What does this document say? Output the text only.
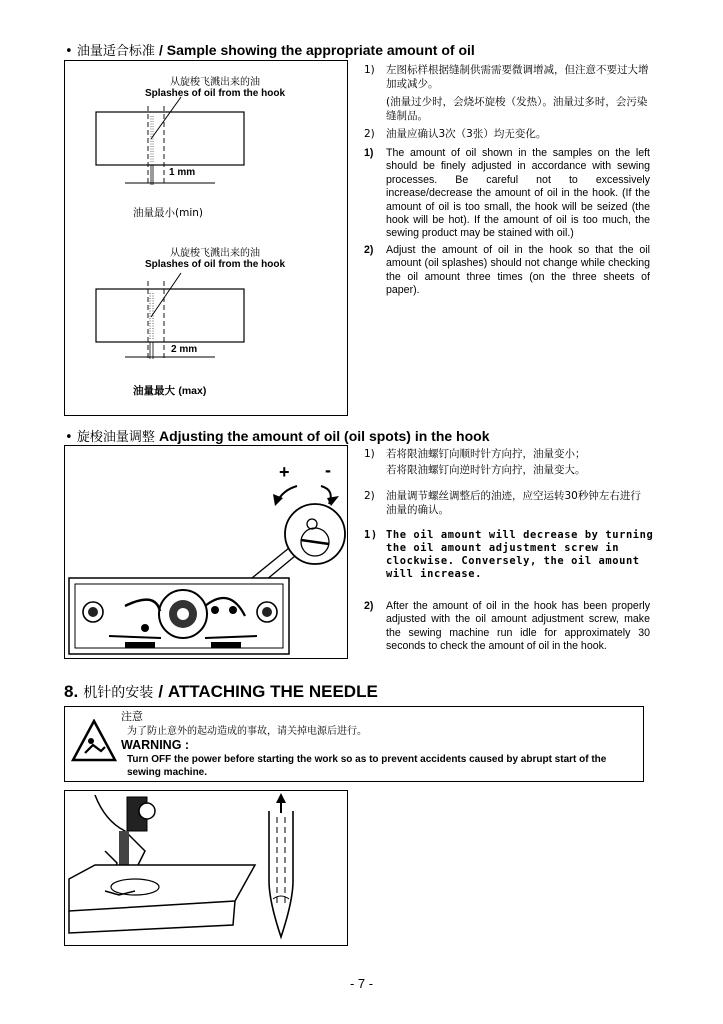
• 油量适合标准 / Sample showing the appropriate amount of oil
从旋梭飞溅出来的油
Splashes of oil from the hook
1 mm
油量最小(min)
从旋梭飞溅出来的油
Splashes of oil from the hook
2 mm
油量最大 (max)
1) 左图标样根据缝制供需需要微调增减，但注意不要过大增加或减少。
(油量过少时，会烧坏旋梭（发热）。油量过多时，会污染缝制品。
2) 油量应确认3次（3张）均无变化。
1) The amount of oil shown in the samples on the left should be finely adjusted in accordance with sewing processes. Be careful not to excessively increase/decrease the amount of oil in the hook. (If the amount of oil is too small, the hook will be seized (the hook will be hot). If the amount of oil is too much, the sewing product may be stained with oil.)
2) Adjust the amount of oil in the hook so that the oil amount (oil splashes) should not change while checking the oil amount three times (on the three sheets of paper).
• 旋梭油量调整 Adjusting the amount of oil (oil spots) in the hook
+ -
1) 若将限油螺钉向顺时针方向拧，油量变小；
若将限油螺钉向逆时针方向拧，油量变大。
2) 油量调节螺丝调整后的油迹，应空运转30秒钟左右进行油量的确认。
1) The oil amount will decrease by turning the oil amount adjustment screw in clockwise. Conversely, the oil amount will increase.
2) After the amount of oil in the hook has been properly adjusted with the oil amount adjustment screw, make the sewing machine run idle for approximately 30 seconds to check the amount of oil in the hook.
8. 机针的安装 / ATTACHING THE NEEDLE
注意
为了防止意外的起动造成的事故，请关掉电源后进行。
WARNING :
Turn OFF the power before starting the work so as to prevent accidents caused by abrupt start of the sewing machine.
- 7 -
